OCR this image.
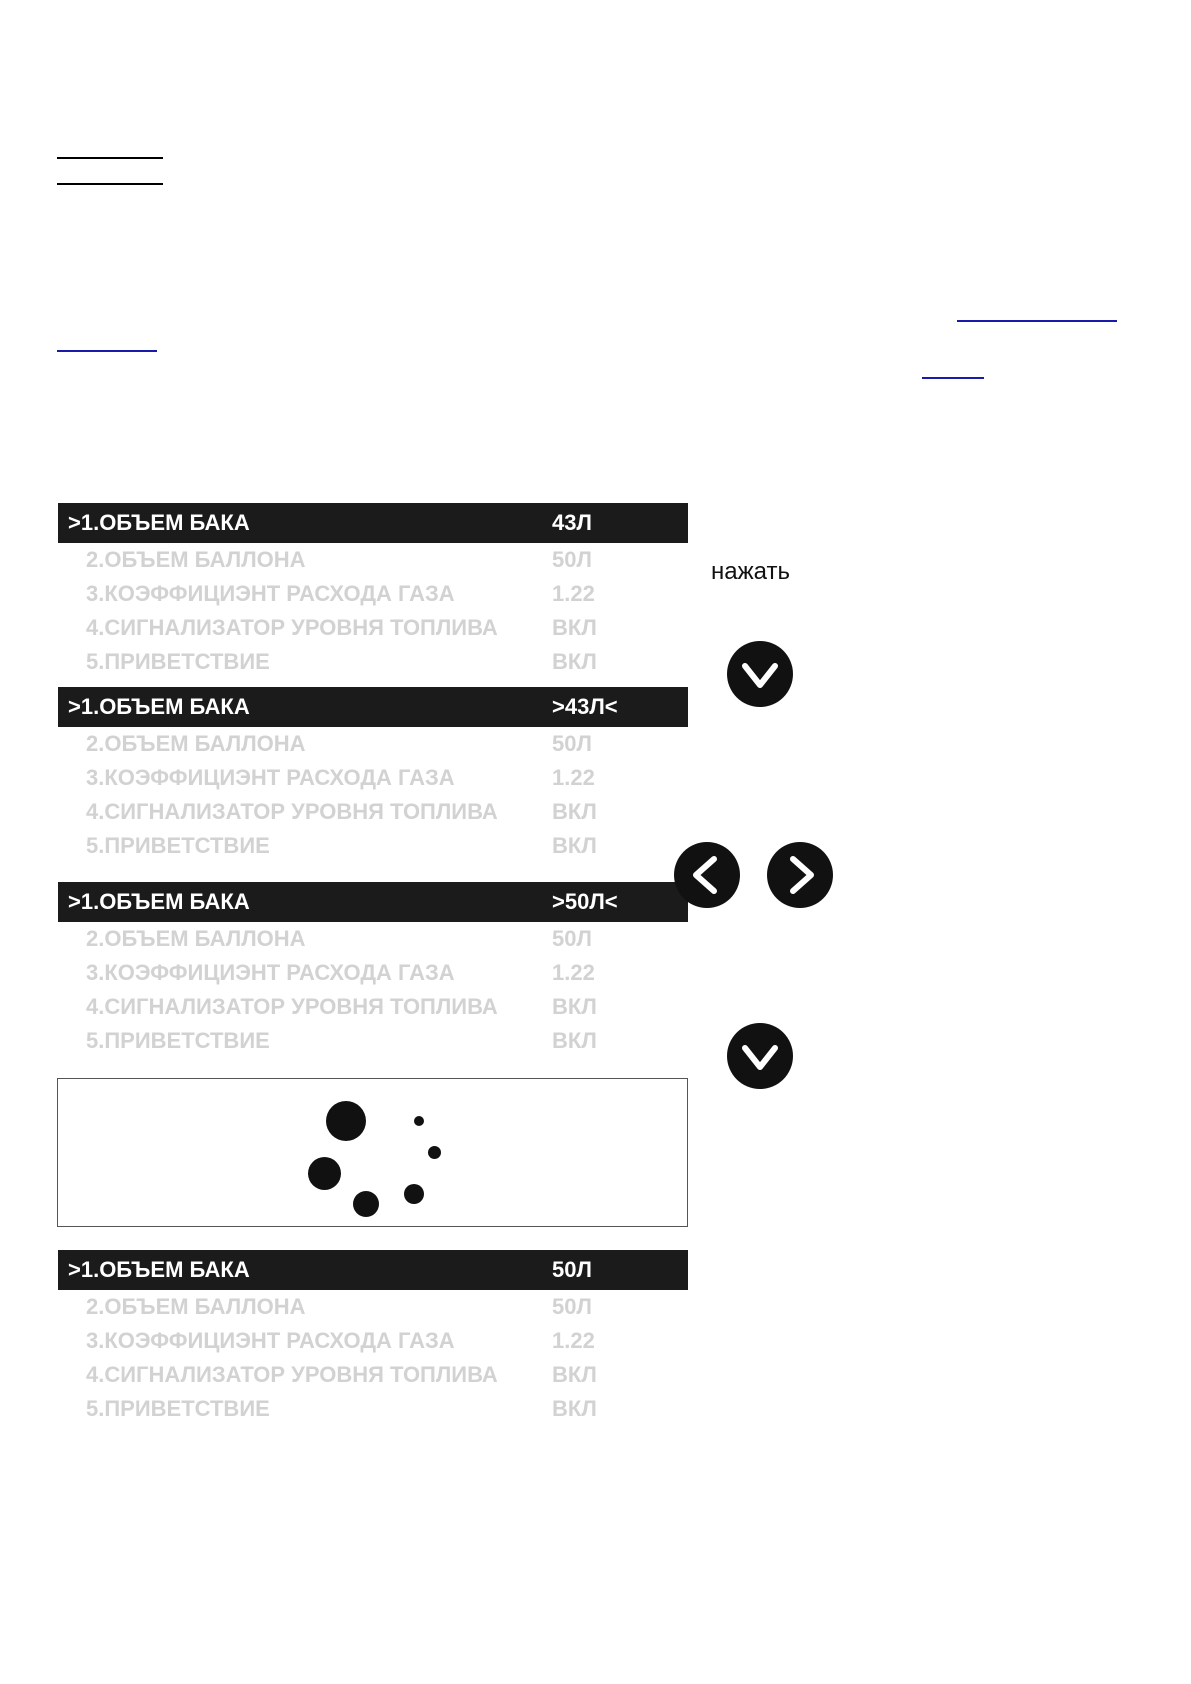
>1.ОБЪЕМ БАКА	43Л
2.ОБЪЕМ БАЛЛОНА	50Л
3.КОЭФФИЦИЭНТ РАСХОДА ГАЗА	1.22
4.СИГНАЛИЗАТОР УРОВНЯ ТОПЛИВА ВКЛ
5.ПРИВЕТСТВИЕ	ВКЛ
>1.ОБЪЕМ БАКА	>43Л<
2.ОБЪЕМ БАЛЛОНА	50Л
3.КОЭФФИЦИЭНТ РАСХОДА ГАЗА	1.22
4.СИГНАЛИЗАТОР УРОВНЯ ТОПЛИВА ВКЛ
5.ПРИВЕТСТВИЕ	ВКЛ
>1.ОБЪЕМ БАКА	>50Л<
2.ОБЪЕМ БАЛЛОНА	50Л
3.КОЭФФИЦИЭНТ РАСХОДА ГАЗА	1.22
4.СИГНАЛИЗАТОР УРОВНЯ ТОПЛИВА ВКЛ
5.ПРИВЕТСТВИЕ	ВКЛ
>1.ОБЪЕМ БАКА	50Л
2.ОБЪЕМ БАЛЛОНА	50Л
3.КОЭФФИЦИЭНТ РАСХОДА ГАЗА	1.22
4.СИГНАЛИЗАТОР УРОВНЯ ТОПЛИВА ВКЛ
5.ПРИВЕТСТВИЕ	ВКЛ
нажать
